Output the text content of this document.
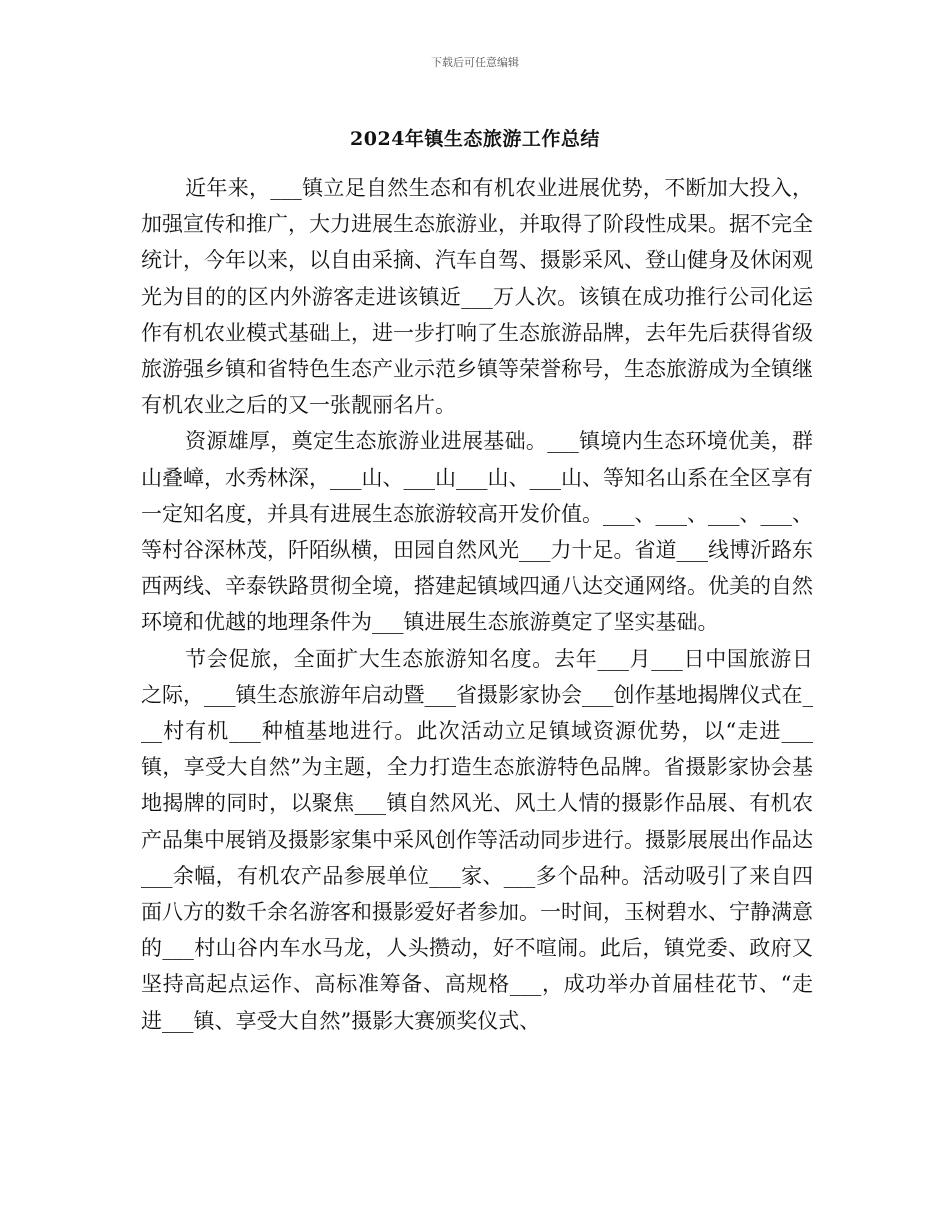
下载后可任意编辑
2024年镇生态旅游工作总结

近年来，___镇立足自然生态和有机农业进展优势，不断加大投入，加强宣传和推广，大力进展生态旅游业，并取得了阶段性成果。据不完全统计，今年以来，以自由采摘、汽车自驾、摄影采风、登山健身及休闲观光为目的的区内外游客走进该镇近___万人次。该镇在成功推行公司化运作有机农业模式基础上，进一步打响了生态旅游品牌，去年先后获得省级旅游强乡镇和省特色生态产业示范乡镇等荣誉称号，生态旅游成为全镇继有机农业之后的又一张靓丽名片。

资源雄厚，奠定生态旅游业进展基础。___镇境内生态环境优美，群山叠嶂，水秀林深，___山、___山___山、___山、等知名山系在全区享有一定知名度，并具有进展生态旅游较高开发价值。___、___、___、___、等村谷深林茂，阡陌纵横，田园自然风光___力十足。省道___线博沂路东西两线、辛泰铁路贯彻全境，搭建起镇域四通八达交通网络。优美的自然环境和优越的地理条件为___镇进展生态旅游奠定了坚实基础。

节会促旅，全面扩大生态旅游知名度。去年___月___日中国旅游日之际，___镇生态旅游年启动暨___省摄影家协会___创作基地揭牌仪式在___村有机___种植基地进行。此次活动立足镇域资源优势，以“走进___镇，享受大自然”为主题，全力打造生态旅游特色品牌。省摄影家协会基地揭牌的同时，以聚焦___镇自然风光、风土人情的摄影作品展、有机农产品集中展销及摄影家集中采风创作等活动同步进行。摄影展展出作品达___余幅，有机农产品参展单位___家、___多个品种。活动吸引了来自四面八方的数千余名游客和摄影爱好者参加。一时间，玉树碧水、宁静满意的___村山谷内车水马龙，人头攒动，好不喧闹。此后，镇党委、政府又坚持高起点运作、高标准筹备、高规格___，成功举办首届桂花节、“走进___镇、享受大自然”摄影大赛颁奖仪式、
